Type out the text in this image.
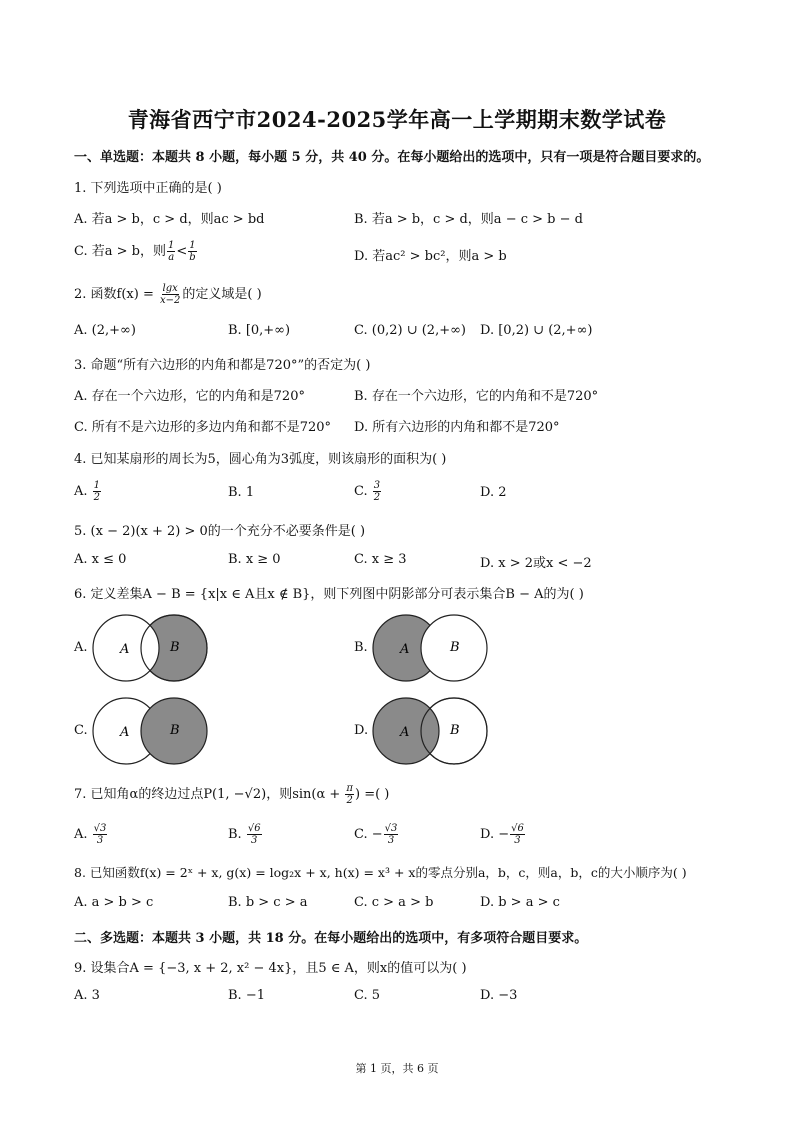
青海省西宁市2024-2025学年高一上学期期末数学试卷
一、单选题：本题共 8 小题，每小题 5 分，共 40 分。在每小题给出的选项中，只有一项是符合题目要求的。
1. 下列选项中正确的是( )
A. 若a > b，c > d，则ac > bd	B. 若a > b，c > d，则a − c > b − d
C. 若a > b，则 $\frac{1}{a} < \frac{1}{b}$	D. 若ac² > bc²，则a > b
2. 函数$f(x) = \frac{\lg x}{x-2}$ 的定义域是( )
A. (2,+∞)	B. [0,+∞)	C. (0,2) ∪ (2,+∞) D. [0,2) ∪ (2,+∞)
3. 命题“所有六边形的内角和都是720°”的否定为( )
A. 存在一个六边形，它的内角和是720°	B. 存在一个六边形，它的内角和不是720°
C. 所有不是六边形的多边内角和都不是720° D. 所有六边形的内角和都不是720°
4. 已知某扇形的周长为5，圆心角为3弧度，则该扇形的面积为( )
A. $\frac{1}{2}$	B. 1	C. $\frac{3}{2}$	D. 2
5. (x − 2)(x + 2) > 0的一个充分不必要条件是( )
A. x ≤ 0	B. x ≥ 0	C. x ≥ 3	D. x > 2或x < −2
6. 定义差集A − B = {x|x ∈ A且x ∉ B}，则下列图中阴影部分可表示集合B − A的为( )
A. A	B	B. A	B
C. A	B	D. A	B
7. 已知角α的终边过点P(1, −√2)，则$\sin(\alpha + \frac{\pi}{2}$ ) =( )
A. $\frac{√3}{3}$	B. $\frac{√6}{3}$	C. − $\frac{√3}{3}$	D. − $\frac{√6}{3}$
8. 已知函数f(x) = 2ˣ + x, g(x) = log₂x + x, h(x) = x³ + x的零点分别a，b，c，则a，b，c的大小顺序为( )
A. a > b > c	B. b > c > a	C. c > a > b	D. b > a > c
二、多选题：本题共 3 小题，共 18 分。在每小题给出的选项中，有多项符合题目要求。
9. 设集合A = {−3, x + 2, x² − 4x}，且5 ∈ A，则x的值可以为( )
A. 3	B. −1	C. 5	D. −3
第 1 页，共 6 页
